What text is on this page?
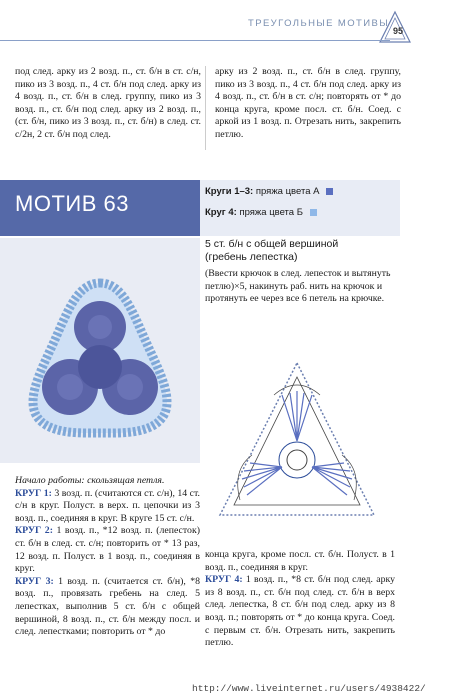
ТРЕУГОЛЬНЫЕ МОТИВЫ
95
под след. арку из 2 возд. п., ст. б/н в ст. с/н, пико из 3 возд. п., 4 ст. б/н под след. арку из 4 возд. п., ст. б/н в след. группу, пико из 3 возд. п., ст. б/н под след. арку из 2 возд. п., (ст. б/н, пико из 3 возд. п., ст. б/н) в след. ст. с/2н, 2 ст. б/н под след.
арку из 2 возд. п., ст. б/н в след. группу, пико из 3 возд. п., 4 ст. б/н под след. арку из 4 возд. п., ст. б/н в ст. с/н; повторять от * до конца круга, кроме посл. ст. б/н. Соед. с аркой из 1 возд. п. Отрезать нить, закрепить петлю.
МОТИВ 63	Круги 1–3: пряжа цвета А
Круг 4: пряжа цвета Б
5 ст. б/н с общей вершиной
(гребень лепестка)
(Ввести крючок в след. лепесток и вытянуть петлю)×5, накинуть раб. нить на крючок и протянуть ее через все 6 петель на крючке.
Начало работы: скользящая петля.
КРУГ 1: 3 возд. п. (считаются ст. с/н), 14 ст. с/н в круг. Полуст. в верх. п. цепочки из 3 возд. п., соединяя в круг. В круге 15 ст. с/н.
КРУГ 2: 1 возд. п., *12 возд. п. (лепесток) ст. б/н в след. ст. с/н; повторить от * 13 раз, 12 возд. п. Полуст. в 1 возд. п., соединяя в круг.
КРУГ 3: 1 возд. п. (считается ст. б/н), *8 возд. п., провязать гребень на след. 5 лепестках, выполнив 5 ст. б/н с общей вершиной, 8 возд. п., ст. б/н между посл. и след. лепестками; повторить от * до
конца круга, кроме посл. ст. б/н. Полуст. в 1 возд. п., соединяя в круг.
КРУГ 4: 1 возд. п., *8 ст. б/н под след. арку из 8 возд. п., ст. б/н под след. ст. б/н в верх след. лепестка, 8 ст. б/н под след. арку из 8 возд. п.; повторять от * до конца круга. Соед. с первым ст. б/н. Отрезать нить, закрепить петлю.
http://www.liveinternet.ru/users/4938422/
